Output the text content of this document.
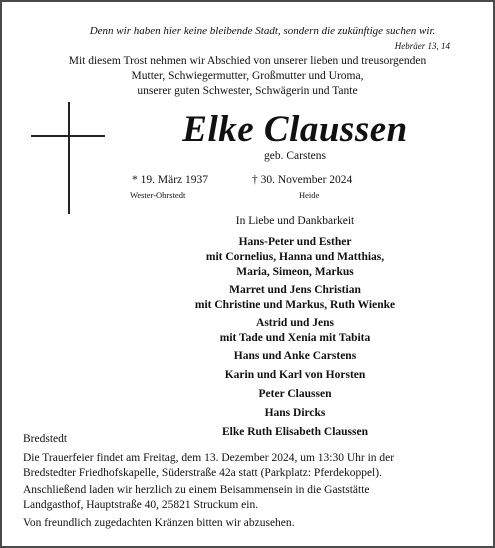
Denn wir haben hier keine bleibende Stadt, sondern die zukünftige suchen wir.
Hebräer 13, 14
Mit diesem Trost nehmen wir Abschied von unserer lieben und treusorgenden
Mutter, Schwiegermutter, Großmutter und Uroma,
unserer guten Schwester, Schwägerin und Tante
Elke Claussen
geb. Carstens
* 19. März 1937
Wester-Ohrstedt
† 30. November 2024
Heide
In Liebe und Dankbarkeit
Hans-Peter und Esther
mit Cornelius, Hanna und Matthias,
Maria, Simeon, Markus
Marret und Jens Christian
mit Christine und Markus, Ruth Wienke
Astrid und Jens
mit Tade und Xenia mit Tabita
Hans und Anke Carstens
Karin und Karl von Horsten
Peter Claussen
Hans Dircks
Elke Ruth Elisabeth Claussen
Bredstedt
Die Trauerfeier findet am Freitag, dem 13. Dezember 2024, um 13:30 Uhr in der
Bredstedter Friedhofskapelle, Süderstraße 42a statt (Parkplatz: Pferdekoppel).
Anschließend laden wir herzlich zu einem Beisammensein in die Gaststätte
Landgasthof, Hauptstraße 40, 25821 Struckum ein.
Von freundlich zugedachten Kränzen bitten wir abzusehen.
